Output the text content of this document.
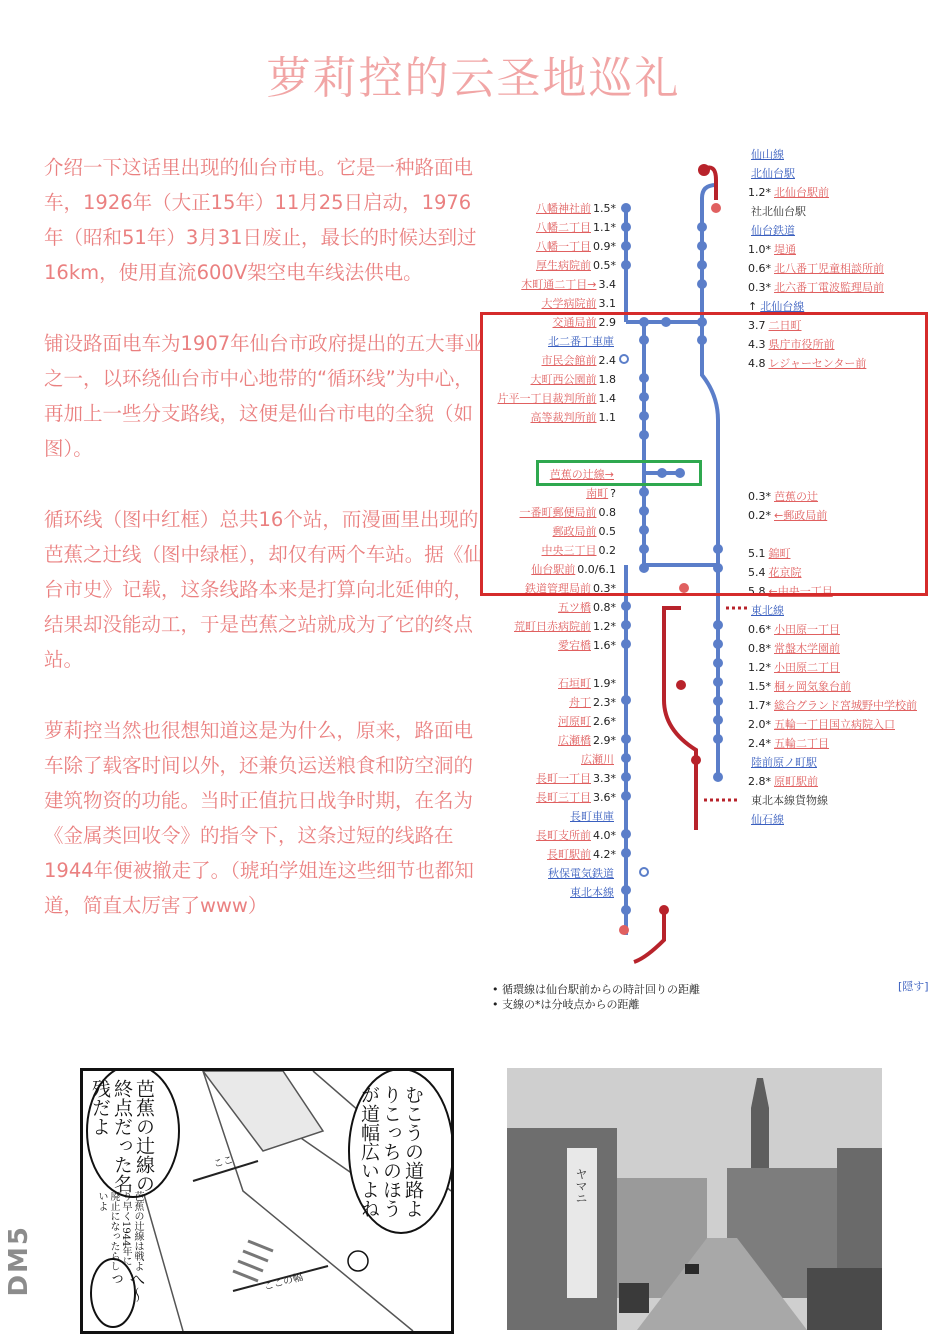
萝莉控的云圣地巡礼

介绍一下这话里出现的仙台市电。它是一种路面电车，1926年（大正15年）11月25日启动，1976年（昭和51年）3月31日废止，最长的时候达到过16km，使用直流600V架空电车线法供电。

铺设路面电车为1907年仙台市政府提出的五大事业之一，以环绕仙台市中心地带的“循环线”为中心，再加上一些分支路线，这便是仙台市电的全貌（如图）。

循环线（图中红框）总共16个站，而漫画里出现的芭蕉之辻线（图中绿框），却仅有两个车站。据《仙台市史》记载，这条线路本来是打算向北延伸的，结果却没能动工，于是芭蕉之站就成为了它的终点站。

萝莉控当然也很想知道这是为什么，原来，路面电车除了载客时间以外，还兼负运送粮食和防空洞的建筑物资的功能。当时正值抗日战争时期，在名为《金属类回收令》的指令下，这条过短的线路在1944年便被撤走了。（琥珀学姐连这些细节也都知道，简直太厉害了www）

八幡神社前 1.5*
八幡二丁目 1.1*
八幡一丁目 0.9*
厚生病院前 0.5*
木町通二丁目→ 3.4
大学病院前 3.1
交通局前 2.9
北二番丁車庫
市民会館前 2.4
大町西公園前 1.8
片平一丁目裁判所前 1.4
高等裁判所前 1.1
芭蕉の辻線→
南町 ?
一番町郵便局前 0.8
郵政局前 0.5
中央三丁目 0.2
仙台駅前 0.0/6.1
鉄道管理局前 0.3*
五ツ橋 0.8*
荒町日赤病院前 1.2*
愛宕橋 1.6*
石垣町 1.9*
舟丁 2.3*
河原町 2.6*
広瀬橋 2.9*
広瀬川
長町一丁目 3.3*
長町三丁目 3.6*
長町車庫
長町支所前 4.0*
長町駅前 4.2*
秋保電気鉄道
東北本線
仙山線
北仙台駅
1.2* 北仙台駅前
社北仙台駅
仙台鉄道
1.0* 堤通
0.6* 北八番丁児童相談所前
0.3* 北六番丁電波監理局前
↑ 北仙台線
3.7 二日町
4.3 県庁市役所前
4.8 レジャーセンター前
0.3* 芭蕉の辻
0.2* ←郵政局前
5.1 錦町
5.4 花京院
5.8 ←中央一丁目
東北線
0.6* 小田原一丁目
0.8* 常盤木学園前
1.2* 小田原二丁目
1.5* 桐ヶ岡気象台前
1.7* 総合グランド宮城野中学校前
2.0* 五輪一丁目国立病院入口
2.4* 五輪二丁目
陸前原ノ町駅
2.8* 原町駅前
東北本線貨物線
仙石線
• 循環線は仙台駅前からの時計回りの距離
• 支線の*は分岐点からの距離
[隠す]
むこうの道路よりこっちのほうが道幅広いよね
芭蕉の辻線の終点だった名残だよ
芭蕉の辻線は戦より早く1944年に廃止になったらしいよ
へ～っ
ここ
ここの幅
ヤマニ
DM5
